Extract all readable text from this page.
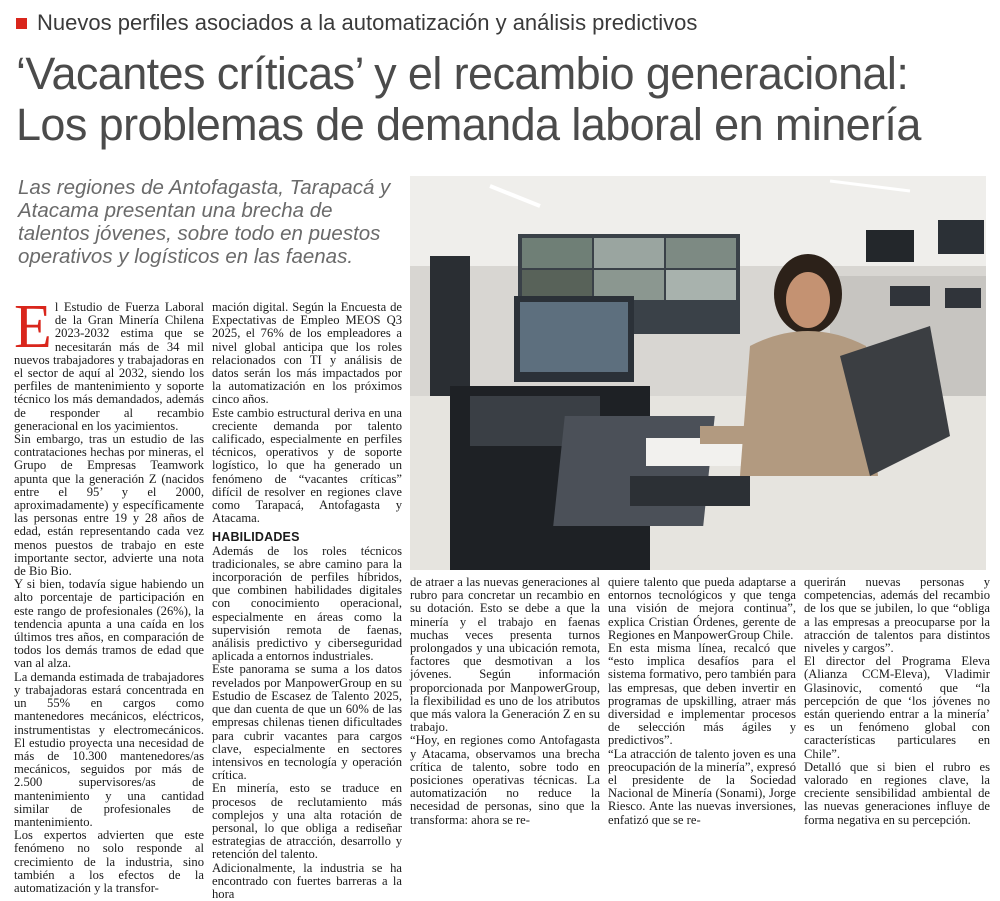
Nuevos perfiles asociados a la automatización y análisis predictivos
‘Vacantes críticas’ y el recambio generacional:
Los problemas de demanda laboral en minería
Las regiones de Antofagasta, Tarapacá y Atacama presentan una brecha de talentos jóvenes, sobre todo en puestos operativos y logísticos en las faenas.
E l Estudio de Fuerza Laboral de la Gran Minería Chilena 2023-2032 estima que se necesitarán más de 34 mil nuevos trabajadores y trabajadoras en el sector de aquí al 2032, siendo los perfiles de mantenimiento y soporte técnico los más demandados, además de responder al recambio generacional en los yacimientos.

Sin embargo, tras un estudio de las contrataciones hechas por mineras, el Grupo de Empresas Teamwork apunta que la generación Z (nacidos entre el 95’ y el 2000, aproximadamente) y específicamente las personas entre 19 y 28 años de edad, están representando cada vez menos puestos de trabajo en este importante sector, advierte una nota de Bio Bio.

Y si bien, todavía sigue habiendo un alto porcentaje de participación en este rango de profesionales (26%), la tendencia apunta a una caída en los últimos tres años, en comparación de todos los demás tramos de edad que van al alza.

La demanda estimada de trabajadores y trabajadoras estará concentrada en un 55% en cargos como mantenedores mecánicos, eléctricos, instrumentistas y electromecánicos. El estudio proyecta una necesidad de más de 10.300 mantenedores/as mecánicos, seguidos por más de 2.500 supervisores/as de mantenimiento y una cantidad similar de profesionales de mantenimiento.

Los expertos advierten que este fenómeno no solo responde al crecimiento de la industria, sino también a los efectos de la automatización y la transfor-

mación digital. Según la Encuesta de Expectativas de Empleo MEOS Q3 2025, el 76% de los empleadores a nivel global anticipa que los roles relacionados con TI y análisis de datos serán los más impactados por la automatización en los próximos cinco años.

Este cambio estructural deriva en una creciente demanda por talento calificado, especialmente en perfiles técnicos, operativos y de soporte logístico, lo que ha generado un fenómeno de “vacantes críticas” difícil de resolver en regiones clave como Tarapacá, Antofagasta y Atacama.

HABILIDADES

Además de los roles técnicos tradicionales, se abre camino para la incorporación de perfiles híbridos, que combinen habilidades digitales con conocimiento operacional, especialmente en áreas como la supervisión remota de faenas, análisis predictivo y ciberseguridad aplicada a entornos industriales.

Este panorama se suma a los datos revelados por ManpowerGroup en su Estudio de Escasez de Talento 2025, que dan cuenta de que un 60% de las empresas chilenas tienen dificultades para cubrir vacantes para cargos clave, especialmente en sectores intensivos en tecnología y operación crítica.

En minería, esto se traduce en procesos de reclutamiento más complejos y una alta rotación de personal, lo que obliga a rediseñar estrategias de atracción, desarrollo y retención del talento.

Adicionalmente, la industria se ha encontrado con fuertes barreras a la hora

de atraer a las nuevas generaciones al rubro para concretar un recambio en su dotación. Esto se debe a que la minería y el trabajo en faenas muchas veces presenta turnos prolongados y una ubicación remota, factores que desmotivan a los jóvenes. Según información proporcionada por ManpowerGroup, la flexibilidad es uno de los atributos que más valora la Generación Z en su trabajo.

“Hoy, en regiones como Antofagasta y Atacama, observamos una brecha crítica de talento, sobre todo en posiciones operativas técnicas. La automatización no reduce la necesidad de personas, sino que la transforma: ahora se re-

quiere talento que pueda adaptarse a entornos tecnológicos y que tenga una visión de mejora continua”, explica Cristian Órdenes, gerente de Regiones en ManpowerGroup Chile.

En esta misma línea, recalcó que “esto implica desafíos para el sistema formativo, pero también para las empresas, que deben invertir en programas de upskilling, atraer más diversidad e implementar procesos de selección más ágiles y predictivos”.

“La atracción de talento joven es una preocupación de la minería”, expresó el presidente de la Sociedad Nacional de Minería (Sonami), Jorge Riesco. Ante las nuevas inversiones, enfatizó que se re-

querirán nuevas personas y competencias, además del recambio de los que se jubilen, lo que “obliga a las empresas a preocuparse por la atracción de talentos para distintos niveles y cargos”.

El director del Programa Eleva (Alianza CCM-Eleva), Vladimir Glasinovic, comentó que “la percepción de que ‘los jóvenes no están queriendo entrar a la minería’ es un fenómeno global con características particulares en Chile”.

Detalló que si bien el rubro es valorado en regiones clave, la creciente sensibilidad ambiental de las nuevas generaciones influye de forma negativa en su percepción.
